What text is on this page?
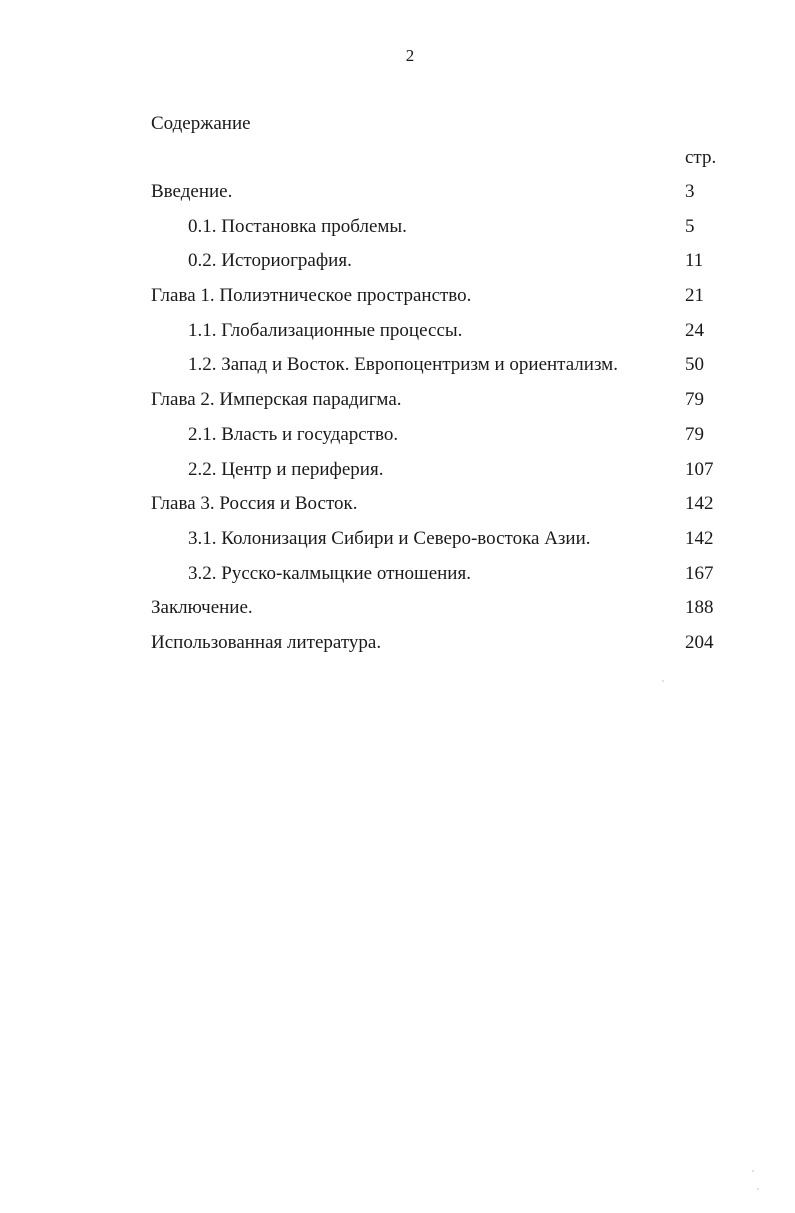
2
Содержание
стр.
Введение.	3
0.1. Постановка проблемы.	5
0.2. Историография.	11
Глава 1. Полиэтническое пространство.	21
1.1. Глобализационные процессы.	24
1.2. Запад и Восток. Европоцентризм и ориентализм.	50
Глава 2. Имперская парадигма.	79
2.1. Власть и государство.	79
2.2. Центр и периферия.	107
Глава 3. Россия и Восток.	142
3.1. Колонизация Сибири и Северо-востока Азии.	142
3.2. Русско-калмыцкие отношения.	167
Заключение.	188
Использованная литература.	204
